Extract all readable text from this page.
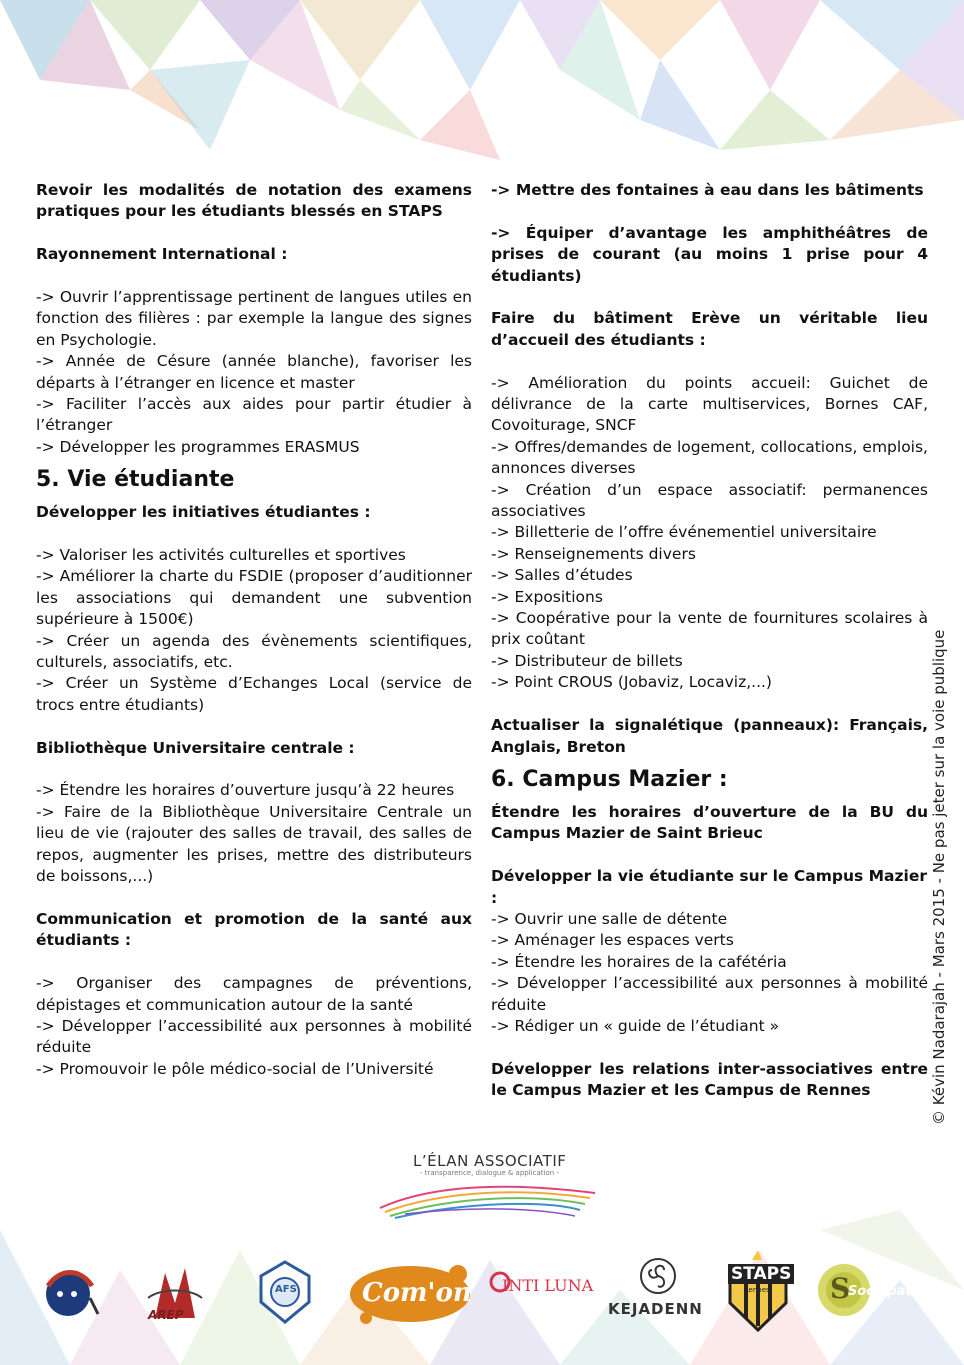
Revoir les modalités de notation des examens pratiques pour les étudiants blessés en STAPS

Rayonnement International :

-> Ouvrir l’apprentissage pertinent de langues utiles en fonction des filières : par exemple la langue des signes en Psychologie.

-> Année de Césure (année blanche), favoriser les départs à l’étranger en licence et master

-> Faciliter l’accès aux aides pour partir étudier à l’étranger

-> Développer les programmes ERASMUS

5. Vie étudiante

Développer les initiatives étudiantes :

-> Valoriser les activités culturelles et sportives

-> Améliorer la charte du FSDIE (proposer d’auditionner les associations qui demandent une subvention supérieure à 1500€)

-> Créer un agenda des évènements scientifiques, culturels, associatifs, etc.

-> Créer un Système d’Echanges Local (service de trocs entre étudiants)

Bibliothèque Universitaire centrale :

-> Étendre les horaires d’ouverture jusqu’à 22 heures

-> Faire de la Bibliothèque Universitaire Centrale un lieu de vie (rajouter des salles de travail, des salles de repos, augmenter les prises, mettre des distributeurs de boissons,...)

Communication et promotion de la santé aux étudiants :

-> Organiser des campagnes de préventions, dépistages et communication autour de la santé

-> Développer l’accessibilité aux personnes à mobilité réduite

-> Promouvoir le pôle médico-social de l’Université

-> Mettre des fontaines à eau dans les bâtiments

-> Équiper d’avantage les amphithéâtres de prises de courant (au moins 1 prise pour 4 étudiants)

Faire du bâtiment Erève un véritable lieu d’accueil des étudiants :

-> Amélioration du points accueil: Guichet de délivrance de la carte multiservices, Bornes CAF, Covoiturage, SNCF

-> Offres/demandes de logement, collocations, emplois, annonces diverses

-> Création d’un espace associatif: permanences associatives

-> Billetterie de l’offre événementiel universitaire

-> Renseignements divers

-> Salles d’études

-> Expositions

-> Coopérative pour la vente de fournitures scolaires à prix coûtant

-> Distributeur de billets

-> Point CROUS (Jobaviz, Locaviz,...)

Actualiser la signalétique (panneaux): Français, Anglais, Breton

6. Campus Mazier :

Étendre les horaires d’ouverture de la BU du Campus Mazier de Saint Brieuc

Développer la vie étudiante sur le Campus Mazier :

-> Ouvrir une salle de détente

-> Aménager les espaces verts

-> Étendre les horaires de la cafétéria

-> Développer l’accessibilité aux personnes à mobilité réduite

-> Rédiger un « guide de l’étudiant »

Développer les relations inter-associatives entre le Campus Mazier et les Campus de Rennes	© Kévin Nadarajah - Mars 2015 - Ne pas jeter sur la voie publique
L’ÉLAN ASSOCIATIF
- transparence, dialogue & application -
AREP
AFS	Com'on INTI LUNA
KEJADENN
STAPS
Rennes S
Sociopates
